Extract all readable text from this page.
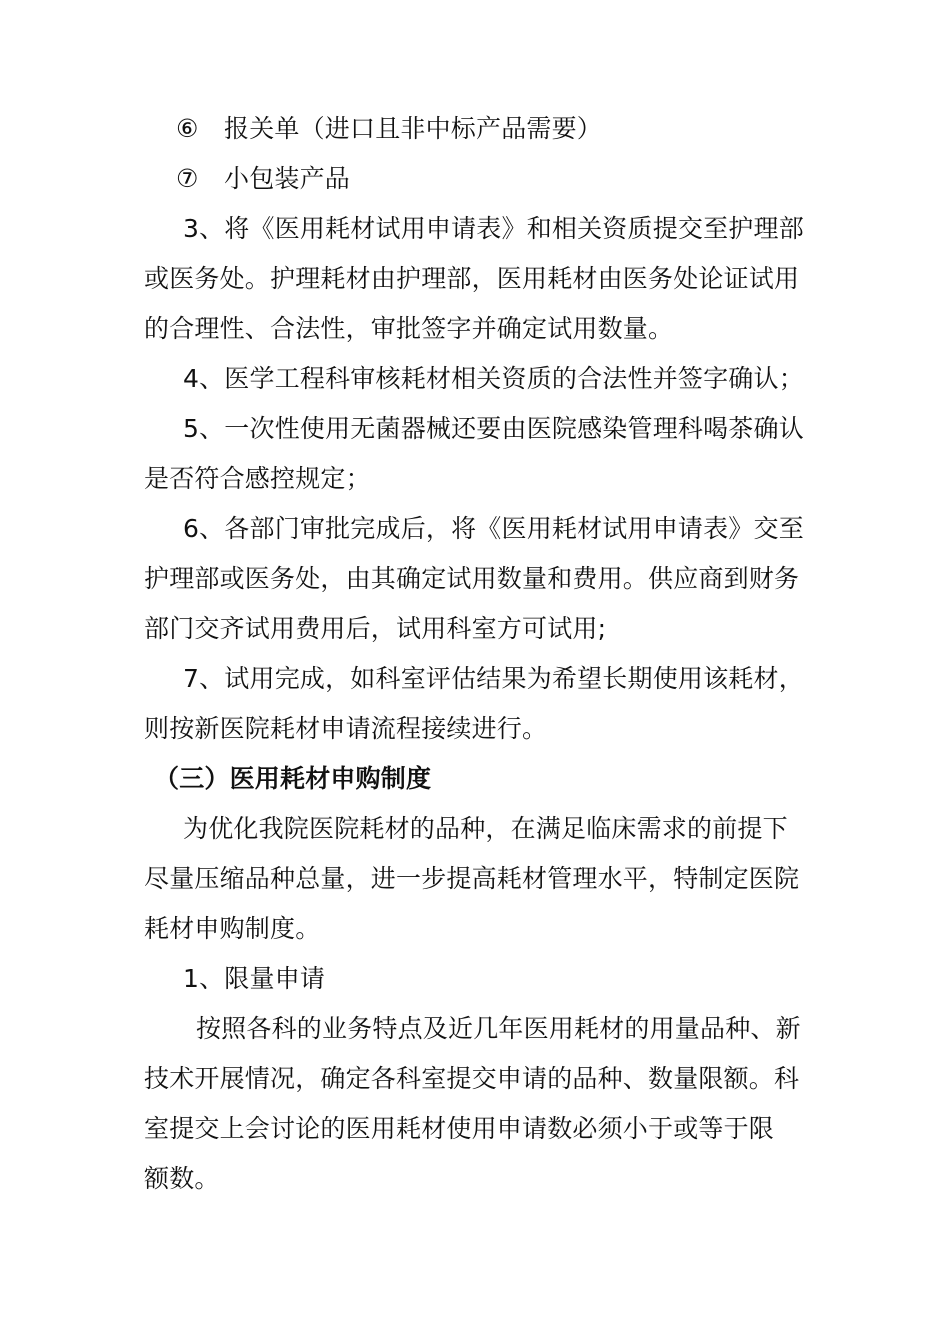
⑥ 报关单（进口且非中标产品需要）
⑦ 小包装产品
3、将《医用耗材试用申请表》和相关资质提交至护理部
或医务处。护理耗材由护理部，医用耗材由医务处论证试用
的合理性、合法性，审批签字并确定试用数量。
4、医学工程科审核耗材相关资质的合法性并签字确认；
5、一次性使用无菌器械还要由医院感染管理科喝茶确认
是否符合感控规定；
6、各部门审批完成后，将《医用耗材试用申请表》交至
护理部或医务处，由其确定试用数量和费用。供应商到财务
部门交齐试用费用后，试用科室方可试用;
7、试用完成，如科室评估结果为希望长期使用该耗材，
则按新医院耗材申请流程接续进行。
（三）医用耗材申购制度
为优化我院医院耗材的品种，在满足临床需求的前提下
尽量压缩品种总量，进一步提高耗材管理水平，特制定医院
耗材申购制度。
1、限量申请
按照各科的业务特点及近几年医用耗材的用量品种、新
技术开展情况，确定各科室提交申请的品种、数量限额。科
室提交上会讨论的医用耗材使用申请数必须小于或等于限
额数。
